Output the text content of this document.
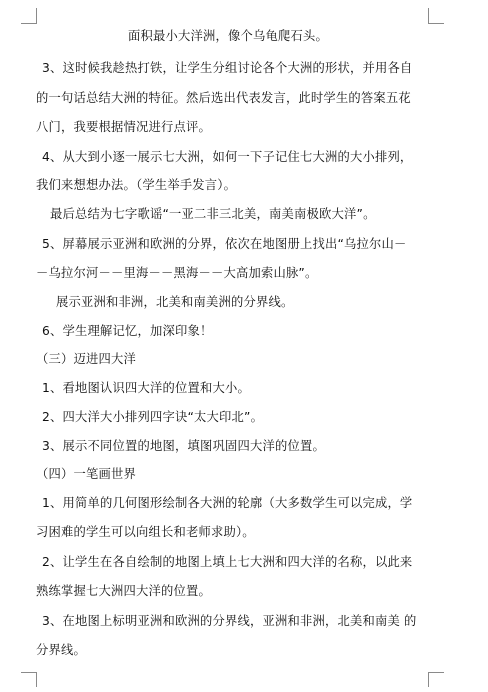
面积最小大洋洲，像个乌龟爬石头。
3、这时候我趁热打铁，让学生分组讨论各个大洲的形状，并用各自
的一句话总结大洲的特征。然后选出代表发言，此时学生的答案五花
八门，我要根据情况进行点评。
4、从大到小逐一展示七大洲，如何一下子记住七大洲的大小排列，
我们来想想办法。（学生举手发言）。
最后总结为七字歌谣“一亚二非三北美，南美南极欧大洋”。
5、屏幕展示亚洲和欧洲的分界，依次在地图册上找出“乌拉尔山－
－乌拉尔河－－里海－－黑海－－大高加索山脉”。
展示亚洲和非洲，北美和南美洲的分界线。
6、学生理解记忆，加深印象！
（三）迈进四大洋
1、看地图认识四大洋的位置和大小。
2、四大洋大小排列四字诀“太大印北”。
3、展示不同位置的地图，填图巩固四大洋的位置。
（四）一笔画世界
1、用简单的几何图形绘制各大洲的轮廓（大多数学生可以完成，学
习困难的学生可以向组长和老师求助）。
2、让学生在各自绘制的地图上填上七大洲和四大洋的名称，以此来
熟练掌握七大洲四大洋的位置。
3、在地图上标明亚洲和欧洲的分界线，亚洲和非洲，北美和南美 的
分界线。
